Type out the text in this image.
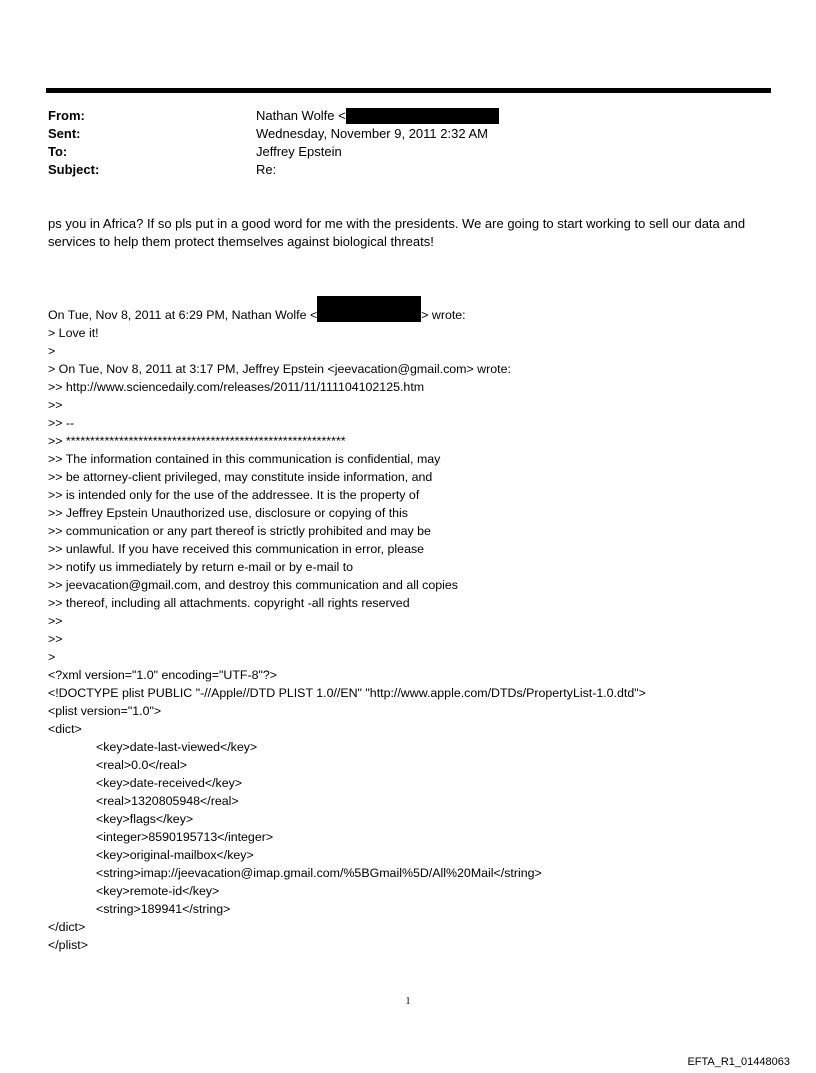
From:	Nathan Wolfe <
Sent:	Wednesday, November 9, 2011 2:32 AM
To:	Jeffrey Epstein
Subject:	Re:

ps you in Africa? If so pls put in a good word for me with the presidents. We are going to start working to sell our data and services to help them protect themselves against biological threats!

On Tue, Nov 8, 2011 at 6:29 PM, Nathan Wolfe <	> wrote:
> Love it!
>
> On Tue, Nov 8, 2011 at 3:17 PM, Jeffrey Epstein <jeevacation@gmail.com> wrote:
>> http://www.sciencedaily.com/releases/2011/11/111104102125.htm
>>
>> --
>> **********************************************************
>> The information contained in this communication is confidential, may
>> be attorney-client privileged, may constitute inside information, and
>> is intended only for the use of the addressee. It is the property of
>> Jeffrey Epstein Unauthorized use, disclosure or copying of this
>> communication or any part thereof is strictly prohibited and may be
>> unlawful. If you have received this communication in error, please
>> notify us immediately by return e-mail or by e-mail to
>> jeevacation@gmail.com, and destroy this communication and all copies
>> thereof, including all attachments. copyright -all rights reserved
>>
>>
>
<?xml version="1.0" encoding="UTF-8"?>
<!DOCTYPE plist PUBLIC "-//Apple//DTD PLIST 1.0//EN" "http://www.apple.com/DTDs/PropertyList-1.0.dtd">
<plist version="1.0">
<dict>
<key>date-last-viewed</key>
<real>0.0</real>
<key>date-received</key>
<real>1320805948</real>
<key>flags</key>
<integer>8590195713</integer>
<key>original-mailbox</key>
<string>imap://jeevacation@imap.gmail.com/%5BGmail%5D/All%20Mail</string>
<key>remote-id</key>
<string>189941</string>
</dict>
</plist>
1
EFTA_R1_01448063
